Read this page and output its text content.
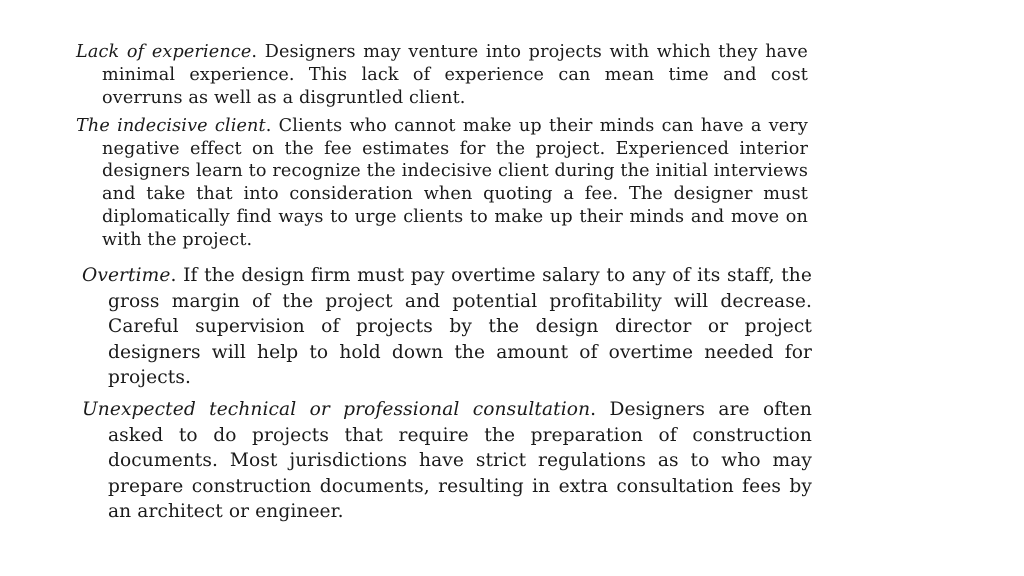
Lack of experience. Designers may venture into projects with which they have minimal experience. This lack of experience can mean time and cost overruns as well as a disgruntled client.

The indecisive client. Clients who cannot make up their minds can have a very negative effect on the fee estimates for the project. Experienced interior designers learn to recognize the indecisive client during the initial interviews and take that into consideration when quoting a fee. The designer must diplomatically find ways to urge clients to make up their minds and move on with the project.

Overtime. If the design firm must pay overtime salary to any of its staff, the gross margin of the project and potential profitability will decrease. Careful supervision of projects by the design director or project designers will help to hold down the amount of overtime needed for projects.

Unexpected technical or professional consultation. Designers are often asked to do projects that require the preparation of construction documents. Most jurisdictions have strict regulations as to who may prepare construction documents, resulting in extra consultation fees by an architect or engineer.
